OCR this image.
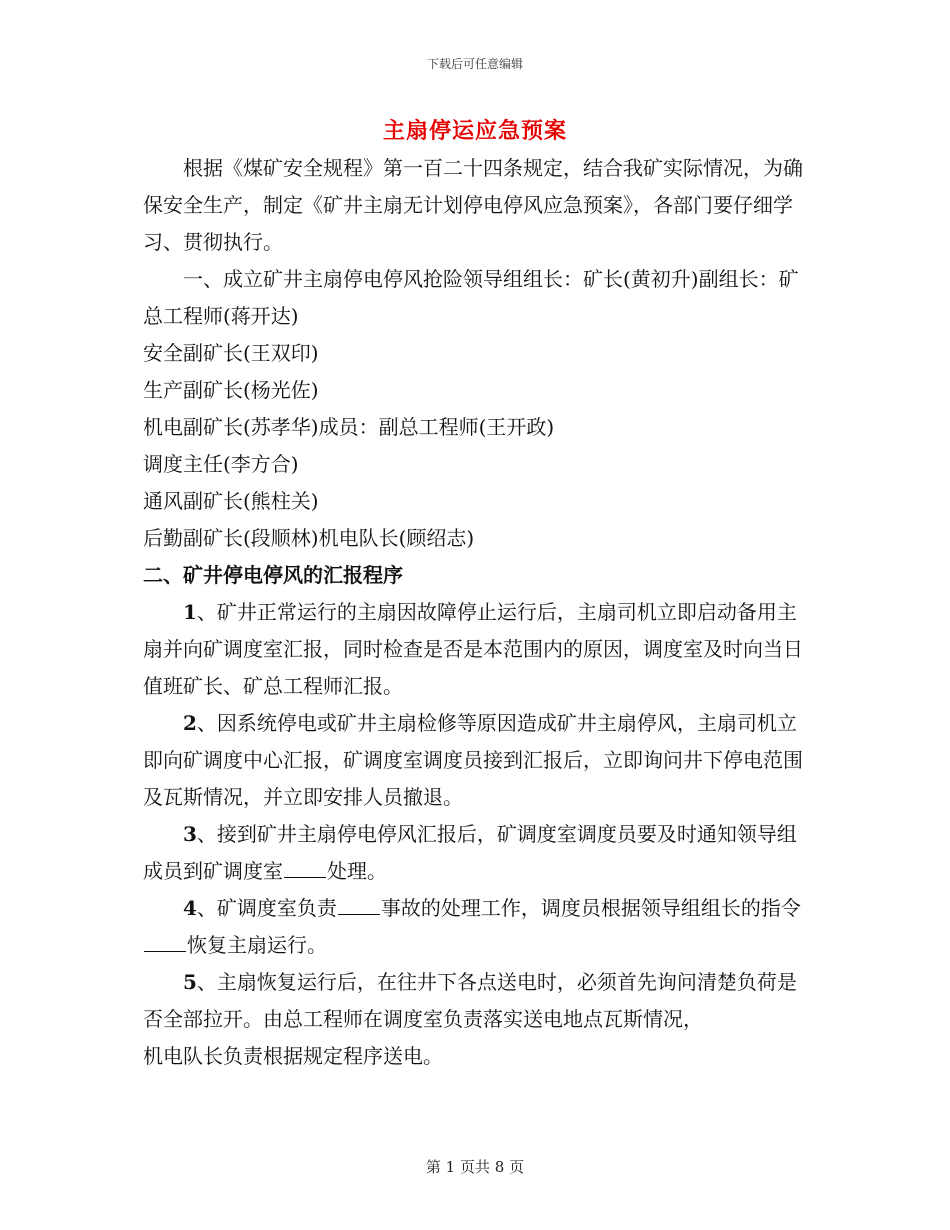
下载后可任意编辑
主扇停运应急预案

根据《煤矿安全规程》第一百二十四条规定，结合我矿实际情况，为确保安全生产，制定《矿井主扇无计划停电停风应急预案》，各部门要仔细学习、贯彻执行。

一、成立矿井主扇停电停风抢险领导组组长：矿长(黄初升)副组长：矿总工程师(蒋开达)

安全副矿长(王双印)

生产副矿长(杨光佐)

机电副矿长(苏孝华)成员：副总工程师(王开政)

调度主任(李方合)

通风副矿长(熊柱关)

后勤副矿长(段顺林)机电队长(顾绍志)

二、矿井停电停风的汇报程序

1、矿井正常运行的主扇因故障停止运行后，主扇司机立即启动备用主扇并向矿调度室汇报，同时检查是否是本范围内的原因，调度室及时向当日值班矿长、矿总工程师汇报。

2、因系统停电或矿井主扇检修等原因造成矿井主扇停风，主扇司机立即向矿调度中心汇报，矿调度室调度员接到汇报后，立即询问井下停电范围及瓦斯情况，并立即安排人员撤退。

3、接到矿井主扇停电停风汇报后，矿调度室调度员要及时通知领导组成员到矿调度室 处理。

4、矿调度室负责 事故的处理工作，调度员根据领导组组长的指令恢复主扇运行。

5、主扇恢复运行后，在往井下各点送电时，必须首先询问清楚负荷是否全部拉开。由总工程师在调度室负责落实送电地点瓦斯情况，

机电队长负责根据规定程序送电。

第 1 页共 8 页
